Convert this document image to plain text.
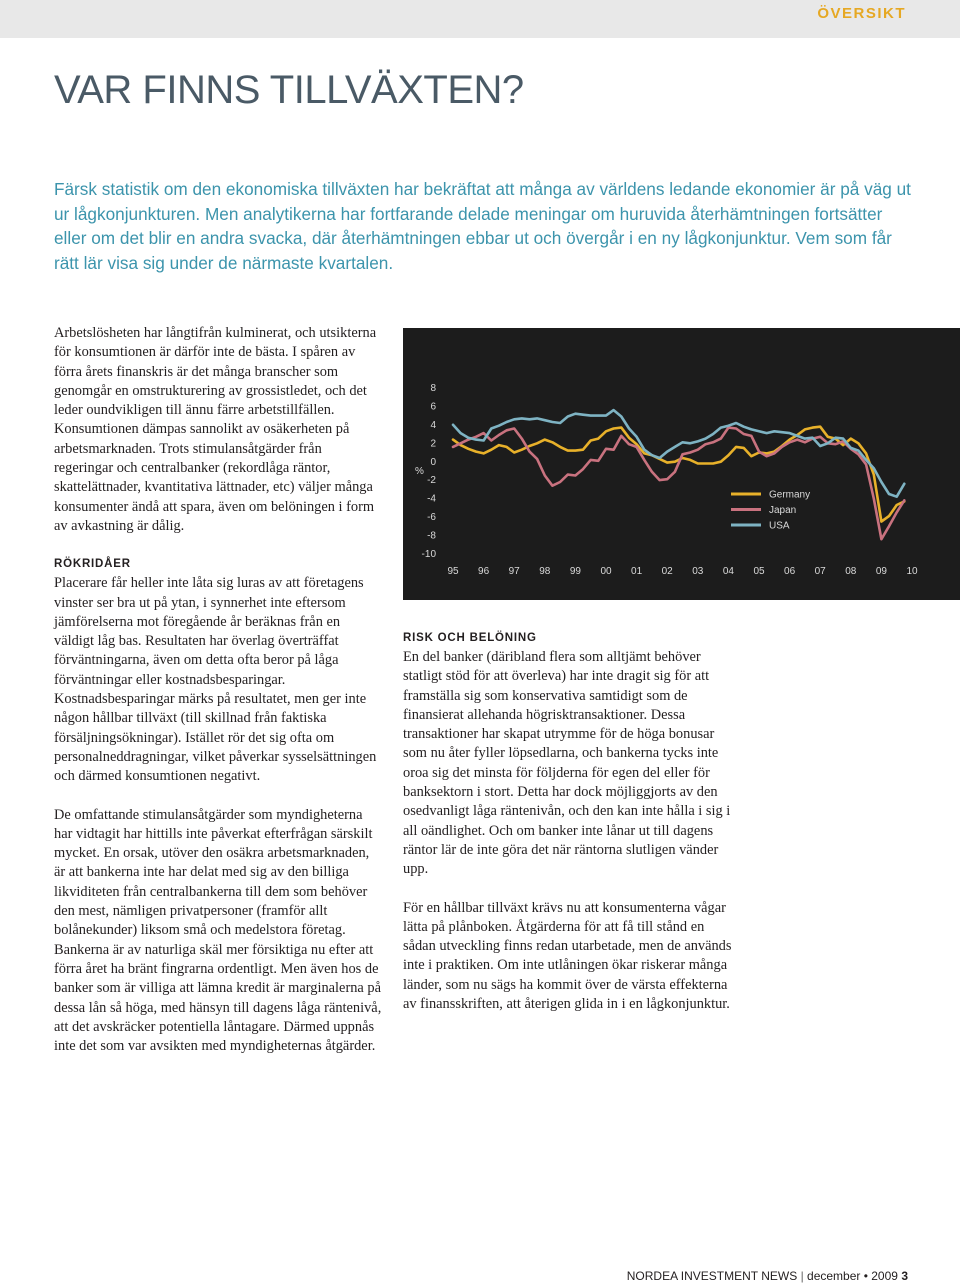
ÖVERSIKT
VAR FINNS TILLVÄXTEN?

Färsk statistik om den ekonomiska tillväxten har bekräftat att många av världens ledande ekonomier är på väg ut ur lågkonjunkturen. Men analytikerna har fortfarande delade meningar om huruvida återhämtningen fortsätter eller om det blir en andra svacka, där återhämtningen ebbar ut och övergår i en ny lågkonjunktur. Vem som får rätt lär visa sig under de närmaste kvartalen.

Arbetslösheten har långtifrån kulminerat, och utsikterna för konsumtionen är därför inte de bästa. I spåren av förra årets finanskris är det många branscher som genomgår en omstrukturering av grossistledet, och det leder oundvikligen till ännu färre arbetstillfällen. Konsumtionen dämpas sannolikt av osäkerheten på arbetsmarknaden. Trots stimulansåtgärder från regeringar och centralbanker (rekordlåga räntor, skattelättnader, kvantitativa lättnader, etc) väljer många konsumenter ändå att spara, även om belöningen i form av avkastning är dålig.

RÖKRIDÅER

Placerare får heller inte låta sig luras av att företagens vinster ser bra ut på ytan, i synnerhet inte eftersom jämförelserna mot föregående år beräknas från en väldigt låg bas. Resultaten har överlag överträffat förväntningarna, även om detta ofta beror på låga förväntningar eller kostnadsbesparingar. Kostnadsbesparingar märks på resultatet, men ger inte någon hållbar tillväxt (till skillnad från faktiska försäljningsökningar). Istället rör det sig ofta om personalneddragningar, vilket påverkar sysselsättningen och därmed konsumtionen negativt.

De omfattande stimulansåtgärder som myndigheterna har vidtagit har hittills inte påverkat efterfrågan särskilt mycket. En orsak, utöver den osäkra arbetsmarknaden, är att bankerna inte har delat med sig av den billiga likviditeten från centralbankerna till dem som behöver den mest, nämligen privatpersoner (framför allt bolånekunder) liksom små och medelstora företag. Bankerna är av naturliga skäl mer försiktiga nu efter att förra året ha bränt fingrarna ordentligt. Men även hos de banker som är villiga att lämna kredit är marginalerna på dessa lån så höga, med hänsyn till dagens låga räntenivå, att det avskräcker potentiella låntagare. Därmed uppnås inte det som var avsikten med myndigheternas åtgärder.

8
6
4
2
0
-2
-4
-6
-8
-10
%
95 96 97 98 99 00 01 02 03 04 05 06 07 08 09 10
Germany
Japan
USA
RISK OCH BELÖNING

En del banker (däribland flera som alltjämt behöver statligt stöd för att överleva) har inte dragit sig för att framställa sig som konservativa samtidigt som de finansierat allehanda högrisktransaktioner. Dessa transaktioner har skapat utrymme för de höga bonusar som nu åter fyller löpsedlarna, och bankerna tycks inte oroa sig det minsta för följderna för egen del eller för banksektorn i stort. Detta har dock möjliggjorts av den osedvanligt låga räntenivån, och den kan inte hålla i sig i all oändlighet. Och om banker inte lånar ut till dagens räntor lär de inte göra det när räntorna slutligen vänder upp.

För en hållbar tillväxt krävs nu att konsumenterna vågar lätta på plånboken. Åtgärderna för att få till stånd en sådan utveckling finns redan utarbetade, men de används inte i praktiken. Om inte utlåningen ökar riskerar många länder, som nu sägs ha kommit över de värsta effekterna av finansskriften, att återigen glida in i en lågkonjunktur.

NORDEA INVESTMENT NEWS | december • 2009 3
